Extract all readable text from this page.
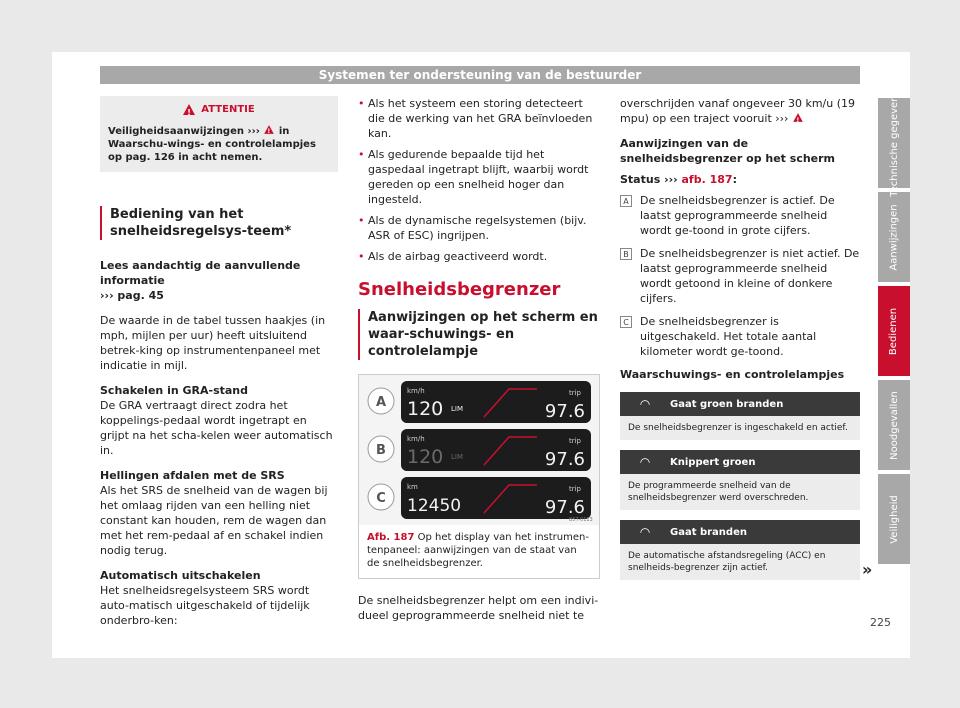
Systemen ter ondersteuning van de bestuurder
!
ATTENTIE
Veiligheidsaanwijzingen ››› ! in Waarschu-wings- en controlelampjes op pag. 126 in acht nemen.
Bediening van het snelheidsregelsys-teem*

Lees aandachtig de aanvullende informatie
››› pag. 45

De waarde in de tabel tussen haakjes (in mph, mijlen per uur) heeft uitsluitend betrek-king op instrumentenpaneel met indicatie in mijl.

Schakelen in GRA-stand

De GRA vertraagt direct zodra het koppelings-pedaal wordt ingetrapt en grijpt na het scha-kelen weer automatisch in.

Hellingen afdalen met de SRS

Als het SRS de snelheid van de wagen bij het omlaag rijden van een helling niet constant kan houden, rem de wagen dan met het rem-pedaal af en schakel indien nodig terug.

Automatisch uitschakelen

Het snelheidsregelsysteem SRS wordt auto-matisch uitgeschakeld of tijdelijk onderbro-ken:

• Als het systeem een storing detecteert die de werking van het GRA beïnvloeden kan.
• Als gedurende bepaalde tijd het gaspedaal ingetrapt blijft, waarbij wordt gereden op een snelheid hoger dan ingesteld.
• Als de dynamische regelsystemen (bijv. ASR of ESC) ingrijpen.
• Als de airbag geactiveerd wordt.
Snelheidsbegrenzer
Aanwijzingen op het scherm en waar-schuwings- en controlelampje
A
km/h
120 LIM
trip
97.6
B
km/h
120 LIM
trip
97.6
C
km
12450
trip
97.6
B5T-0113
Afb. 187 Op het display van het instrumen-tenpaneel: aanwijzingen van de staat van de snelheidsbegrenzer.

De snelheidsbegrenzer helpt om een indivi-dueel geprogrammeerde snelheid niet te

overschrijden vanaf ongeveer 30 km/u (19 mpu) op een traject vooruit ››› !

Aanwijzingen van de snelheidsbegrenzer op het scherm
Status ››› afb. 187:
A De snelheidsbegrenzer is actief. De laatst geprogrammeerde snelheid wordt ge-toond in grote cijfers.
B De snelheidsbegrenzer is niet actief. De laatst geprogrammeerde snelheid wordt getoond in kleine of donkere cijfers.
C De snelheidsbegrenzer is uitgeschakeld. Het totale aantal kilometer wordt ge-toond.
Waarschuwings- en controlelampjes
◠	Gaat groen branden
De snelheidsbegrenzer is ingeschakeld en actief.
◠	Knippert groen
De programmeerde snelheid van de snelheidsbegrenzer werd overschreden.
◠	Gaat branden
De automatische afstandsregeling (ACC) en snelheids-begrenzer zijn actief.	»
Technische gegevens
Aanwijzingen
Bedienen
Noodgevallen
Veiligheid
225
